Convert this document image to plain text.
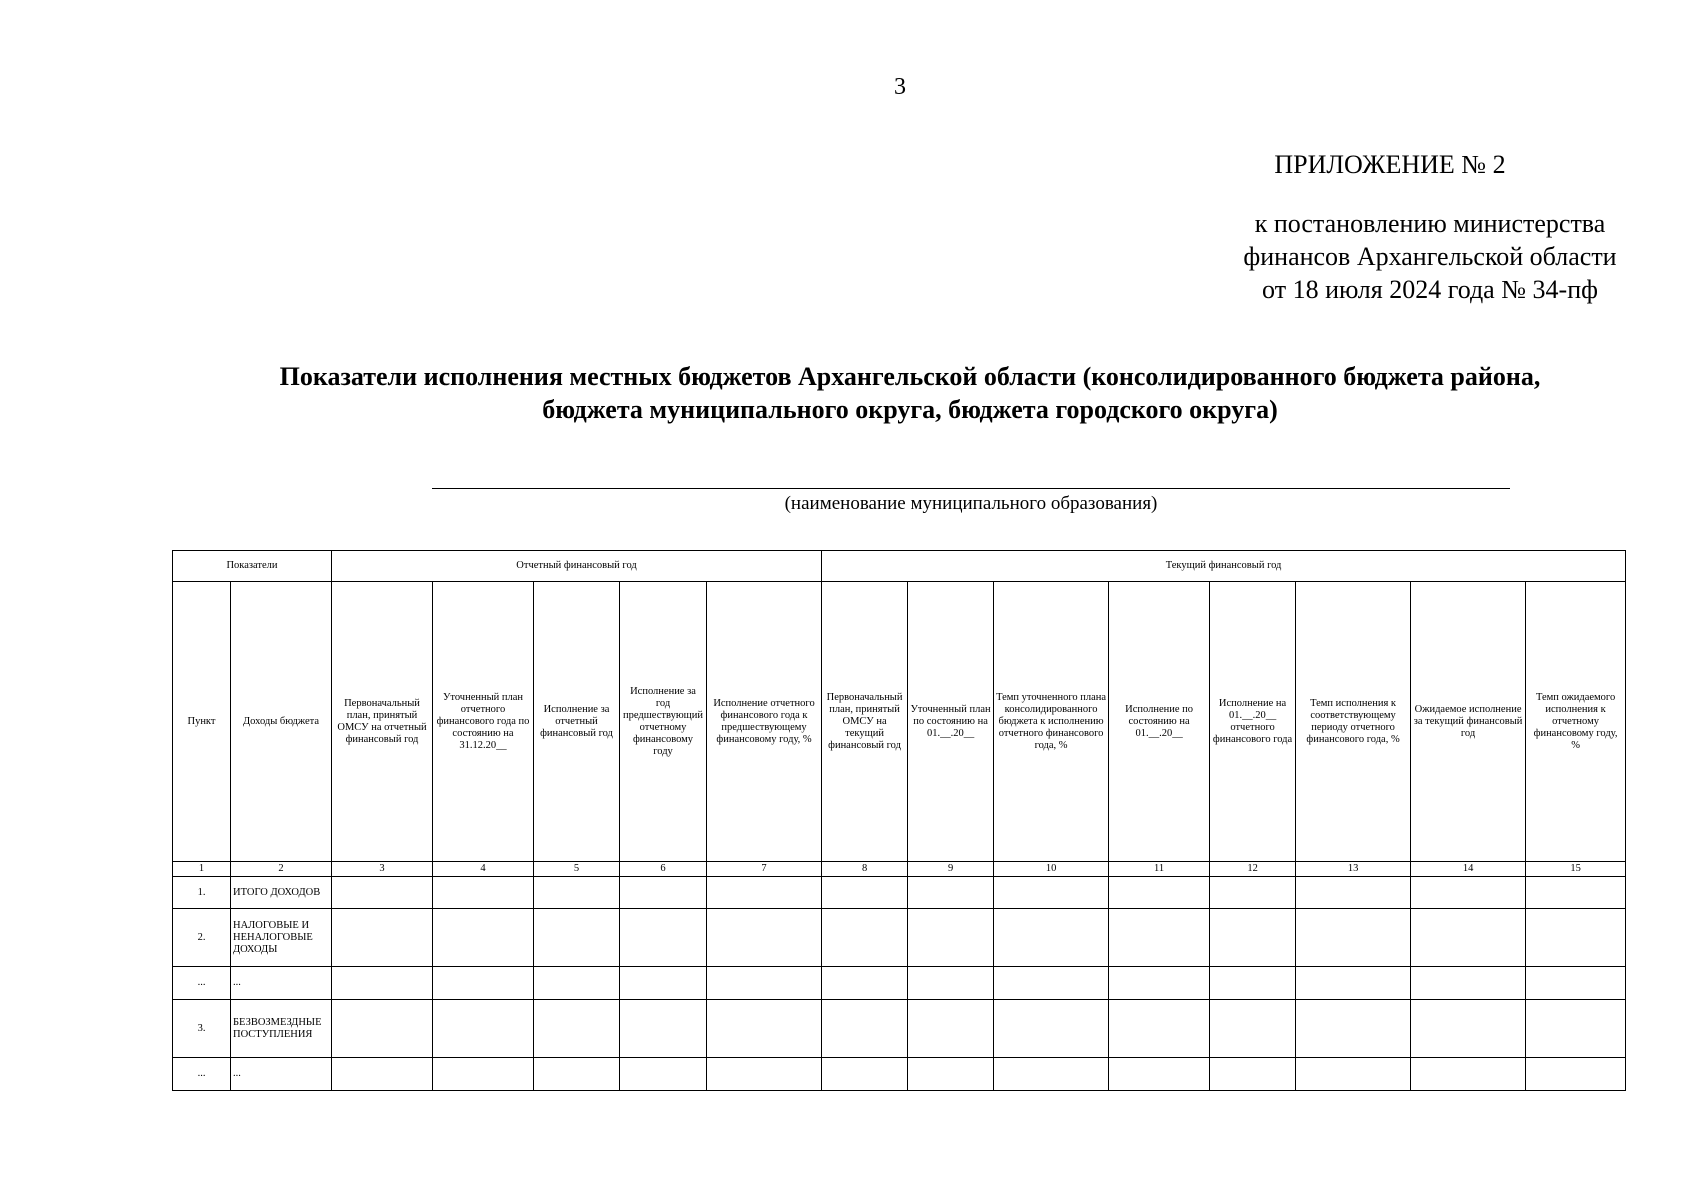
3
ПРИЛОЖЕНИЕ № 2
к постановлению министерства
финансов Архангельской области
от 18 июля 2024 года № 34-пф
Показатели исполнения местных бюджетов Архангельской области (консолидированного бюджета района,
бюджета муниципального округа, бюджета городского округа)
(наименование муниципального образования)
Показатели		Отчетный финансовый год					Текущий финансовый год							
Пункт	Доходы бюджета	Первоначальный план, принятый ОМСУ на отчетный финансовый год	Уточненный план отчетного финансового года по состоянию на 31.12.20__	Исполнение за отчетный финансовый год	Исполнение за год предшествующий отчетному финансовому году	Исполнение отчетного финансового года к предшествующему финансовому году, %	Первоначальный план, принятый ОМСУ на текущий финансовый год	Уточненный план по состоянию на 01.__.20__	Темп уточненного плана консолидированного бюджета к исполнению отчетного финансового года, %	Исполнение по состоянию на 01.__.20__	Исполнение на 01.__.20__ отчетного финансового года	Темп исполнения к соответствующему периоду отчетного финансового года, %	Ожидаемое исполнение за текущий финансовый год	Темп ожидаемого исполнения к отчетному финансовому году, %
1	2	3	4	5	6	7	8	9	10	11	12	13	14	15
1.	ИТОГО ДОХОДОВ													
2.	НАЛОГОВЫЕ И НЕНАЛОГОВЫЕ ДОХОДЫ													
...	...													
3.	БЕЗВОЗМЕЗДНЫЕ ПОСТУПЛЕНИЯ													
...	...													
